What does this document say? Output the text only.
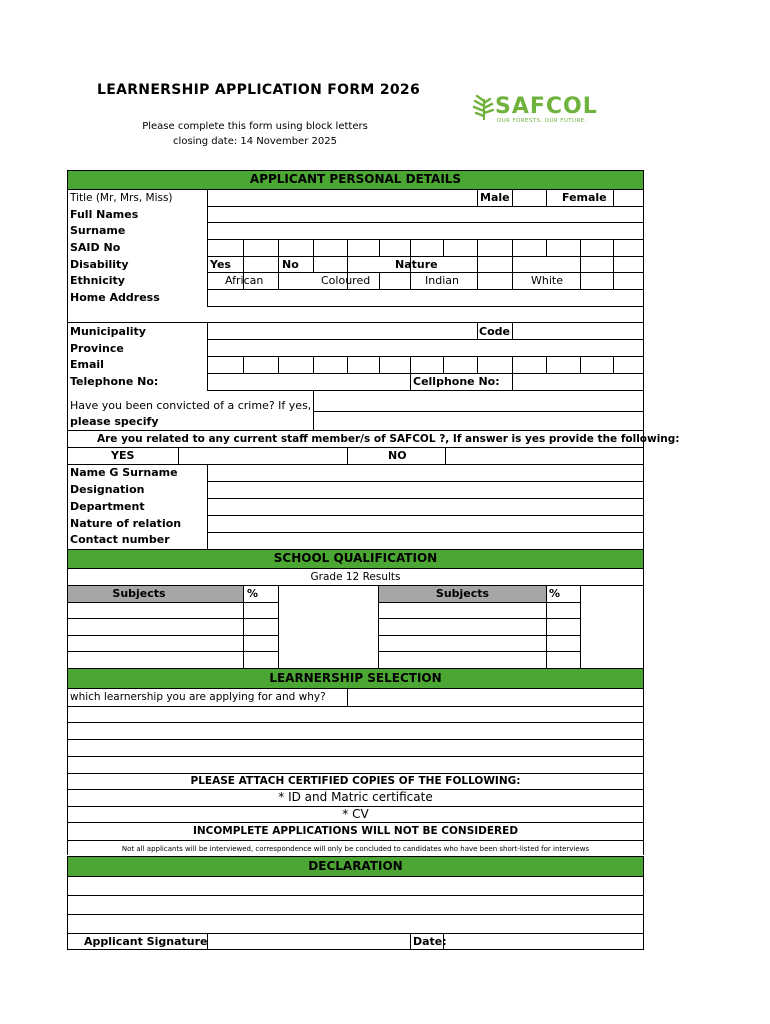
LEARNERSHIP APPLICATION FORM 2026
Please complete this form using block letters
closing date: 14 November 2025
SAFCOL
OUR FORESTS. OUR FUTURE.
APPLICANT PERSONAL DETAILS
Title (Mr, Mrs, Miss)	Male	Female
Full Names
Surname
SAID No
Disability	Yes	No	Nature
Ethnicity	African	Coloured	Indian	White
Home Address
Municipality	Code
Province
Email
Telephone No:	Cellphone No:
Have you been convicted of a crime? If yes,
please specify
Are you related to any current staff member/s of SAFCOL ?, If answer is yes provide the following:
YES	NO
Name G Surname
Designation
Department
Nature of relation
Contact number
SCHOOL QUALIFICATION
Grade 12 Results
Subjects	%	Subjects	%
LEARNERSHIP SELECTION
which learnership you are applying for and why?
PLEASE ATTACH CERTIFIED COPIES OF THE FOLLOWING:
* ID and Matric certificate
* CV
INCOMPLETE APPLICATIONS WILL NOT BE CONSIDERED
Not all applicants will be interviewed, correspondence will only be concluded to candidates who have been short-listed for interviews
DECLARATION
Applicant Signature	Date:
